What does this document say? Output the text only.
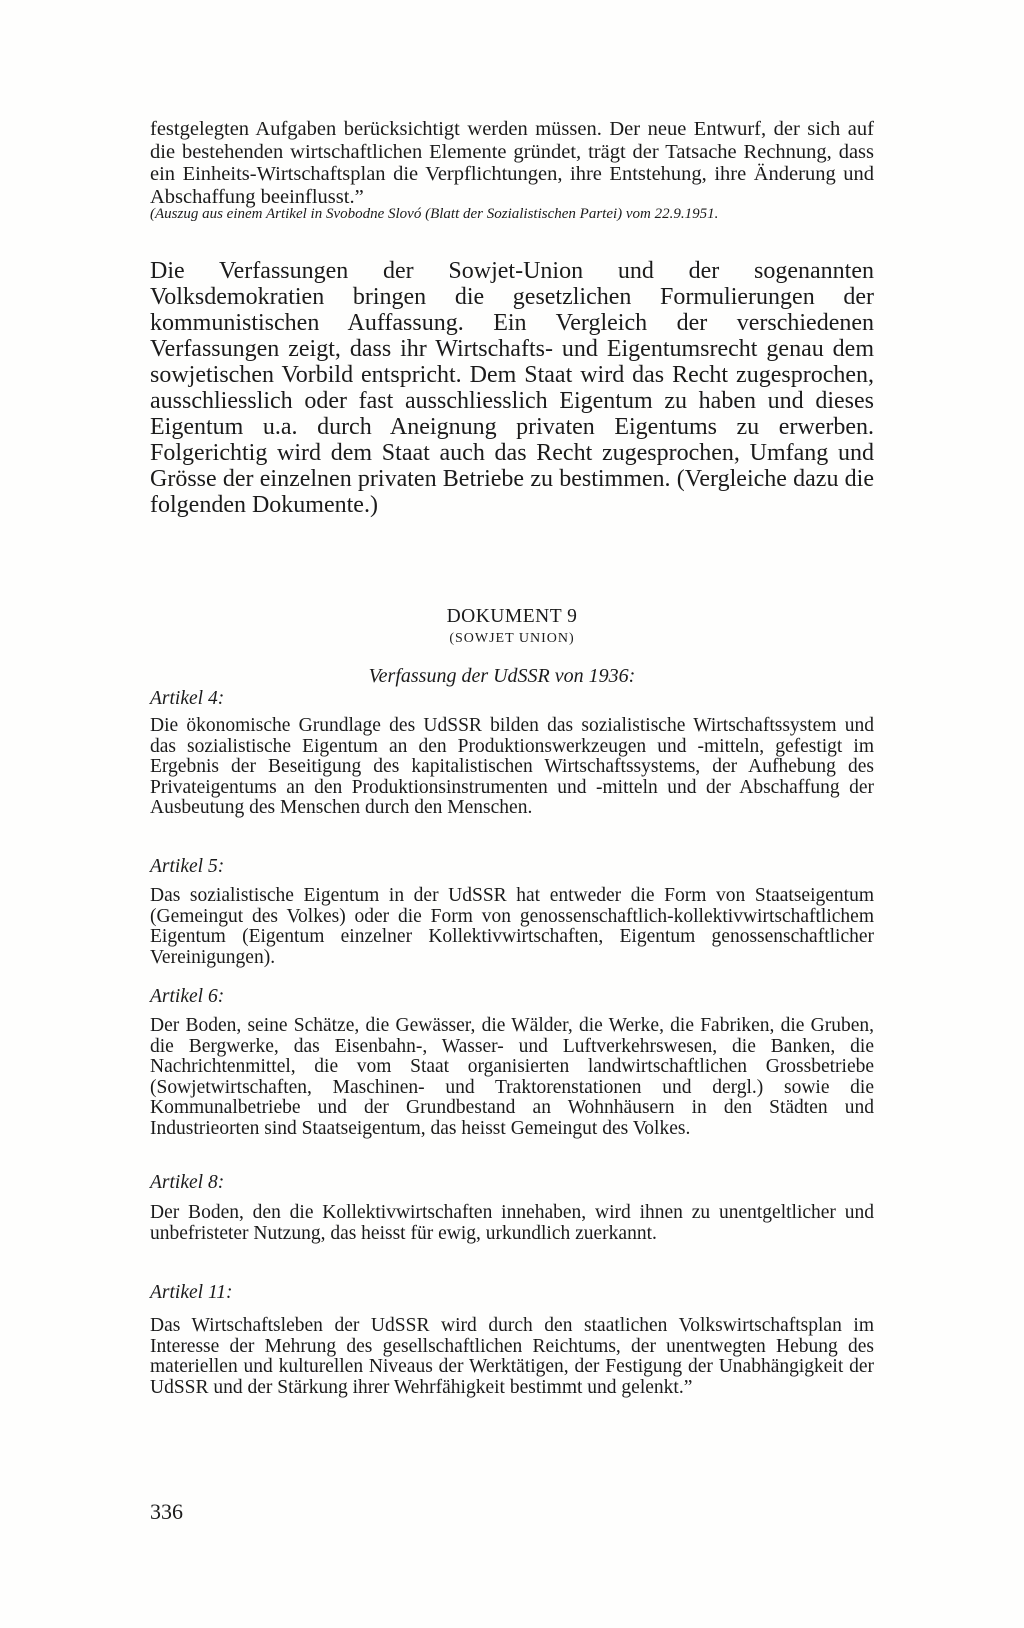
festgelegten Aufgaben berücksichtigt werden müssen. Der neue Entwurf, der sich auf die bestehenden wirtschaftlichen Elemente gründet, trägt der Tatsache Rechnung, dass ein Einheits-Wirtschaftsplan die Verpflichtungen, ihre Entstehung, ihre Änderung und Abschaffung beeinflusst.”

(Auszug aus einem Artikel in Svobodne Slovó (Blatt der Sozialistischen Partei) vom 22.9.1951.

Die Verfassungen der Sowjet-Union und der sogenannten Volksdemokratien bringen die gesetzlichen Formulierungen der kommunistischen Auffassung. Ein Vergleich der verschiedenen Verfassungen zeigt, dass ihr Wirtschafts- und Eigentumsrecht genau dem sowjetischen Vorbild entspricht. Dem Staat wird das Recht zugesprochen, ausschliesslich oder fast ausschliesslich Eigentum zu haben und dieses Eigentum u.a. durch Aneignung privaten Eigentums zu erwerben. Folgerichtig wird dem Staat auch das Recht zugesprochen, Umfang und Grösse der einzelnen privaten Betriebe zu bestimmen. (Vergleiche dazu die folgenden Dokumente.)

DOKUMENT 9
(SOWJET UNION)
Verfassung der UdSSR von 1936:
Artikel 4:

Die ökonomische Grundlage des UdSSR bilden das sozialistische Wirtschaftssystem und das sozialistische Eigentum an den Produktionswerkzeugen und -mitteln, gefestigt im Ergebnis der Beseitigung des kapitalistischen Wirtschaftssystems, der Aufhebung des Privateigentums an den Produktionsinstrumenten und -mitteln und der Abschaffung der Ausbeutung des Menschen durch den Menschen.

Artikel 5:

Das sozialistische Eigentum in der UdSSR hat entweder die Form von Staatseigentum (Gemeingut des Volkes) oder die Form von genossenschaftlich-kollektivwirtschaftlichem Eigentum (Eigentum einzelner Kollektivwirtschaften, Eigentum genossenschaftlicher Vereinigungen).

Artikel 6:

Der Boden, seine Schätze, die Gewässer, die Wälder, die Werke, die Fabriken, die Gruben, die Bergwerke, das Eisenbahn-, Wasser- und Luftverkehrswesen, die Banken, die Nachrichtenmittel, die vom Staat organisierten landwirtschaftlichen Grossbetriebe (Sowjetwirtschaften, Maschinen- und Traktorenstationen und dergl.) sowie die Kommunalbetriebe und der Grundbestand an Wohnhäusern in den Städten und Industrieorten sind Staatseigentum, das heisst Gemeingut des Volkes.

Artikel 8:

Der Boden, den die Kollektivwirtschaften innehaben, wird ihnen zu unentgeltlicher und unbefristeter Nutzung, das heisst für ewig, urkundlich zuerkannt.

Artikel 11:

Das Wirtschaftsleben der UdSSR wird durch den staatlichen Volkswirtschaftsplan im Interesse der Mehrung des gesellschaftlichen Reichtums, der unentwegten Hebung des materiellen und kulturellen Niveaus der Werktätigen, der Festigung der Unabhängigkeit der UdSSR und der Stärkung ihrer Wehrfähigkeit bestimmt und gelenkt.”

336
